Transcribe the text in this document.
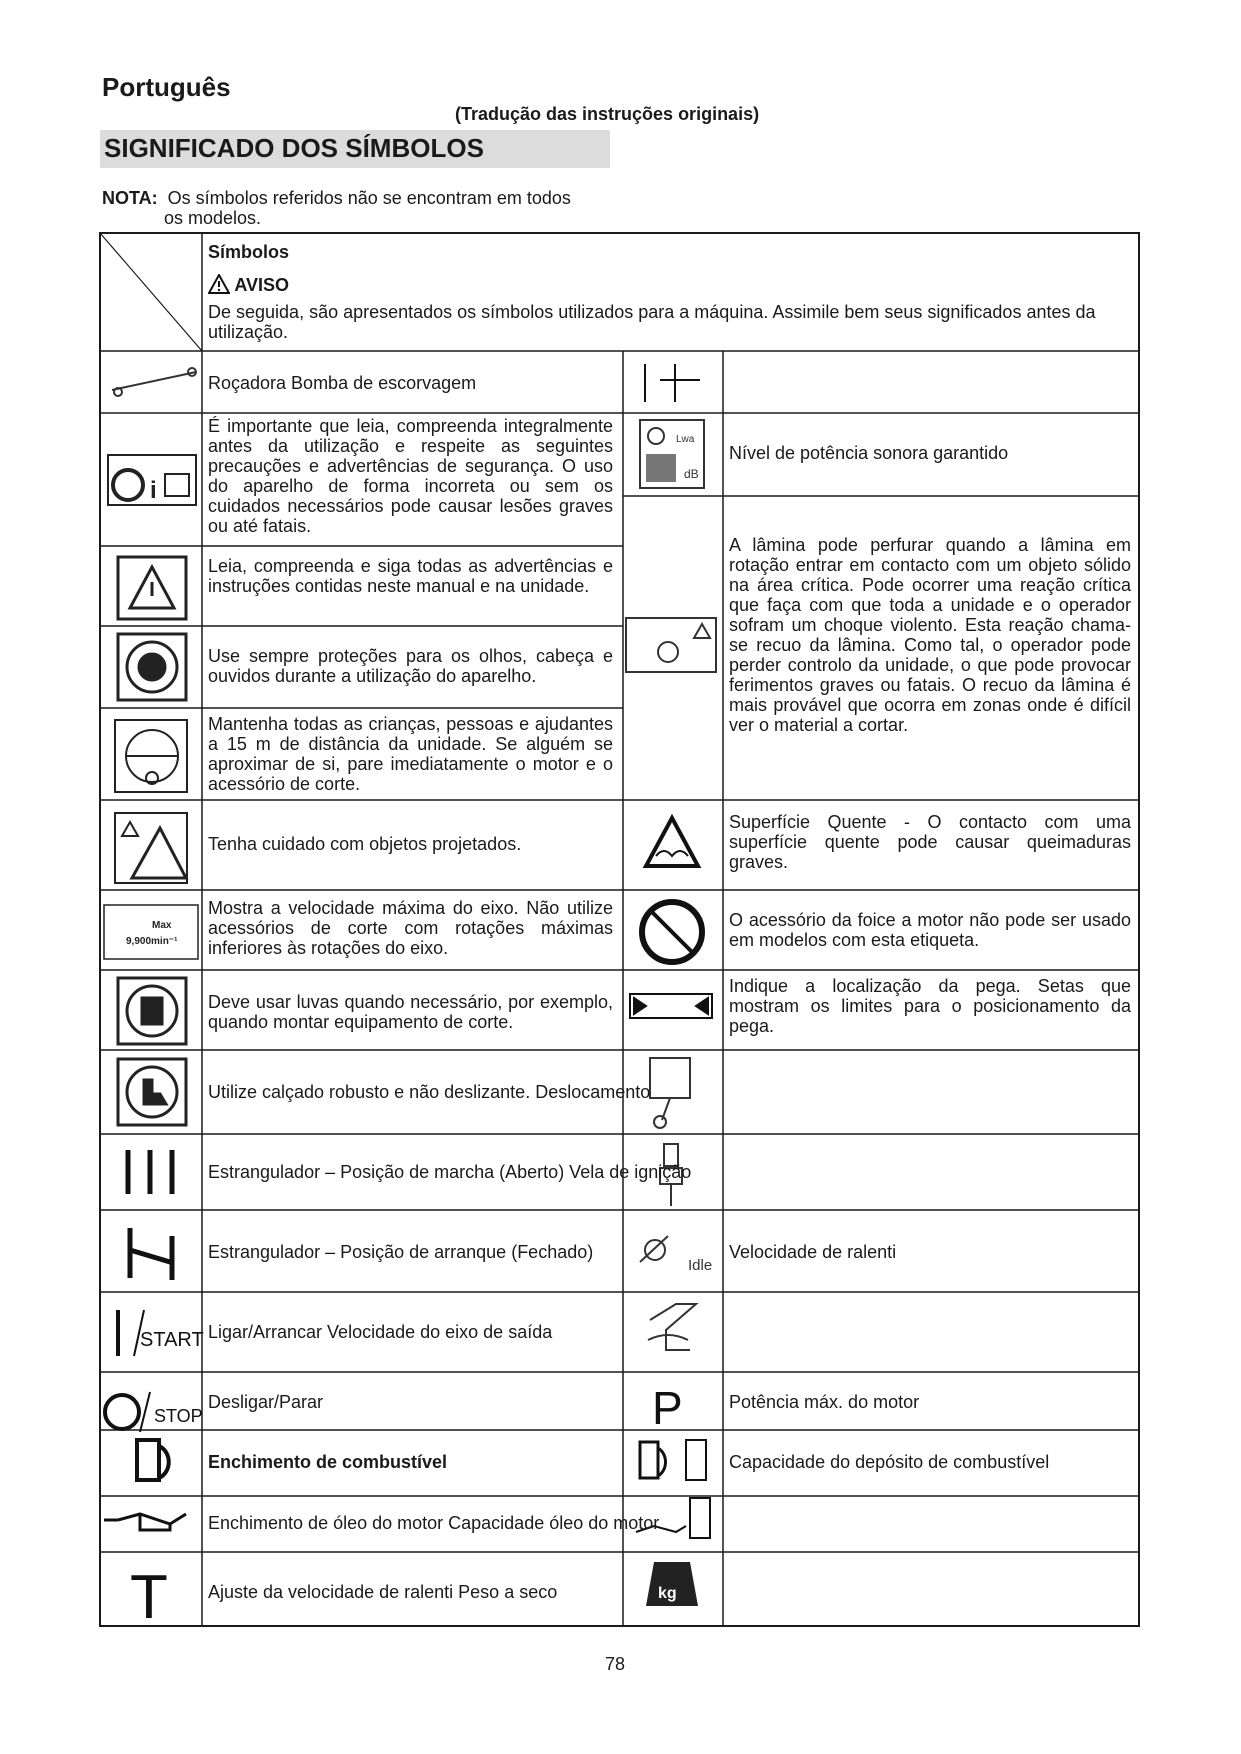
Português
(Tradução das instruções originais)
SIGNIFICADO DOS SÍMBOLOS
NOTA: Os símbolos referidos não se encontram em todos
os modelos.
i
Max
9,900min⁻¹
START
STOP
T
Lwa
dB
Idle
P
kg
Símbolos
AVISO
De seguida, são apresentados os símbolos utilizados para a máquina. Assimile bem seus significados antes da utilização.
Roçadora Bomba de escorvagem
É importante que leia, compreenda integralmente antes da utilização e respeite as seguintes precauções e advertências de segurança. O uso do aparelho de forma incorreta ou sem os cuidados necessários pode causar lesões graves ou até fatais.
Leia, compreenda e siga todas as advertências e instruções contidas neste manual e na unidade.
Use sempre proteções para os olhos, cabeça e ouvidos durante a utilização do aparelho.
Mantenha todas as crianças, pessoas e ajudantes a 15 m de distância da unidade. Se alguém se aproximar de si, pare imediatamente o motor e o acessório de corte.
Tenha cuidado com objetos projetados.
Mostra a velocidade máxima do eixo. Não utilize acessórios de corte com rotações máximas inferiores às rotações do eixo.
Deve usar luvas quando necessário, por exemplo, quando montar equipamento de corte.
Utilize calçado robusto e não deslizante. Deslocamento
Estrangulador – Posição de marcha (Aberto) Vela de ignição
Estrangulador – Posição de arranque (Fechado)
Ligar/Arrancar Velocidade do eixo de saída
Desligar/Parar
Enchimento de combustível
Enchimento de óleo do motor Capacidade óleo do motor
Ajuste da velocidade de ralenti Peso a seco
Nível de potência sonora garantido
A lâmina pode perfurar quando a lâmina em rotação entrar em contacto com um objeto sólido na área crítica. Pode ocorrer uma reação crítica que faça com que toda a unidade e o operador sofram um choque violento. Esta reação chama-se recuo da lâmina. Como tal, o operador pode perder controlo da unidade, o que pode provocar ferimentos graves ou fatais. O recuo da lâmina é mais provável que ocorra em zonas onde é difícil ver o material a cortar.
Superfície Quente - O contacto com uma superfície quente pode causar queimaduras graves.
O acessório da foice a motor não pode ser usado em modelos com esta etiqueta.
Indique a localização da pega. Setas que mostram os limites para o posicionamento da pega.
Velocidade de ralenti
Potência máx. do motor
Capacidade do depósito de combustível
78
